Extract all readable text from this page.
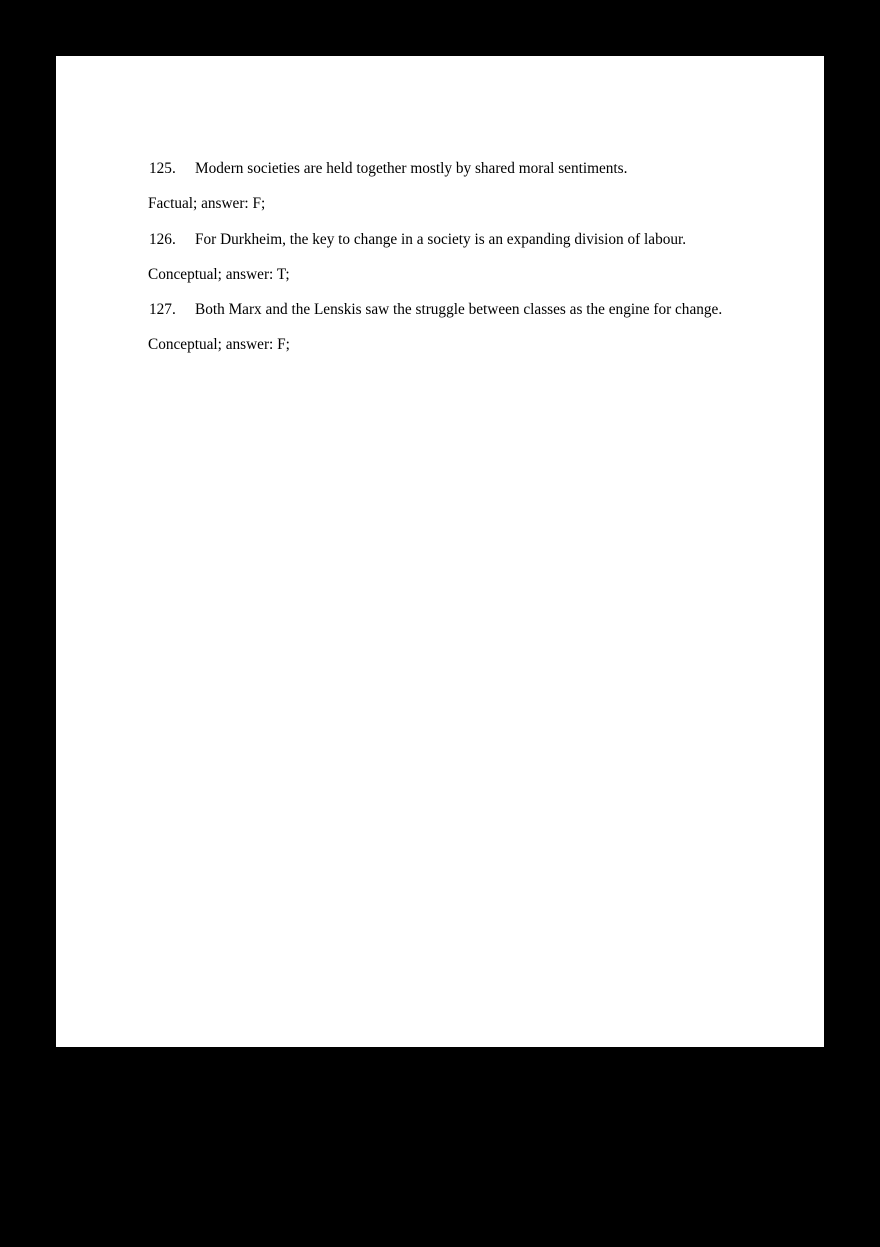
125.	Modern societies are held together mostly by shared moral sentiments.
Factual; answer: F;
126.	For Durkheim, the key to change in a society is an expanding division of labour.
Conceptual; answer: T;
127.	Both Marx and the Lenskis saw the struggle between classes as the engine for change.
Conceptual; answer: F;
